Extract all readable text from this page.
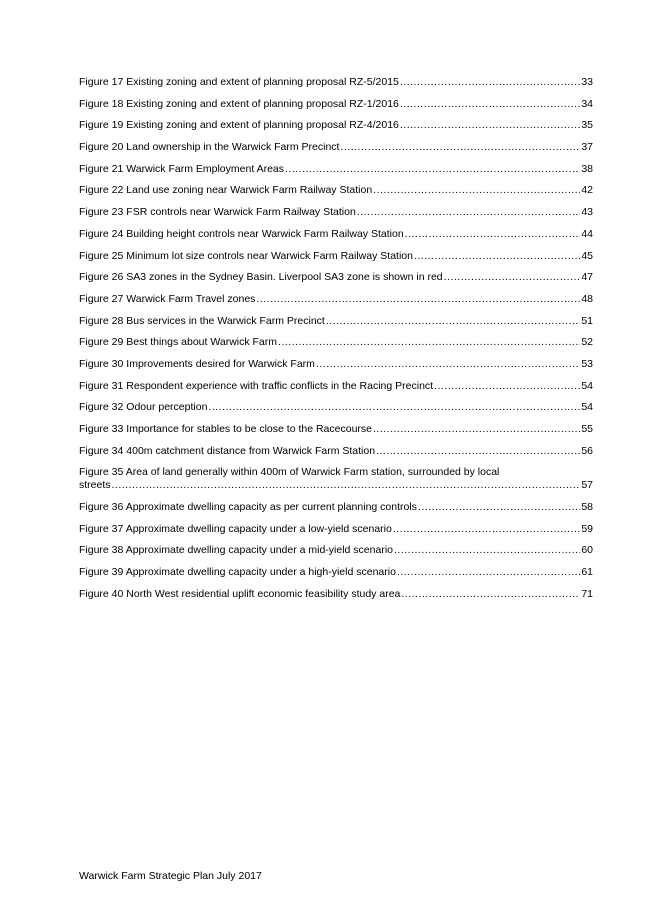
Figure 17 Existing zoning and extent of planning proposal RZ-5/2015 .....	33
Figure 18 Existing zoning and extent of planning proposal RZ-1/2016 .....	34
Figure 19 Existing zoning and extent of planning proposal RZ-4/2016 .....	35
Figure 20 Land ownership in the Warwick Farm Precinct .....	37
Figure 21 Warwick Farm Employment Areas .....	38
Figure 22 Land use zoning near Warwick Farm Railway Station .....	42
Figure 23 FSR controls near Warwick Farm Railway Station .....	43
Figure 24 Building height controls near Warwick Farm Railway Station .....	44
Figure 25 Minimum lot size controls near Warwick Farm Railway Station .....	45
Figure 26 SA3 zones in the Sydney Basin. Liverpool SA3 zone is shown in red .....	47
Figure 27 Warwick Farm Travel zones .....	48
Figure 28 Bus services in the Warwick Farm Precinct .....	51
Figure 29 Best things about Warwick Farm .....	52
Figure 30 Improvements desired for Warwick Farm .....	53
Figure 31 Respondent experience with traffic conflicts in the Racing Precinct .....	54
Figure 32 Odour perception .....	54
Figure 33 Importance for stables to be close to the Racecourse .....	55
Figure 34 400m catchment distance from Warwick Farm Station .....	56
Figure 35 Area of land generally within 400m of Warwick Farm station, surrounded by local
streets .....	57
Figure 36 Approximate dwelling capacity as per current planning controls .....	58
Figure 37 Approximate dwelling capacity under a low-yield scenario .....	59
Figure 38 Approximate dwelling capacity under a mid-yield scenario .....	60
Figure 39 Approximate dwelling capacity under a high-yield scenario .....	61
Figure 40 North West residential uplift economic feasibility study area .....	71
Warwick Farm Strategic Plan July 2017
